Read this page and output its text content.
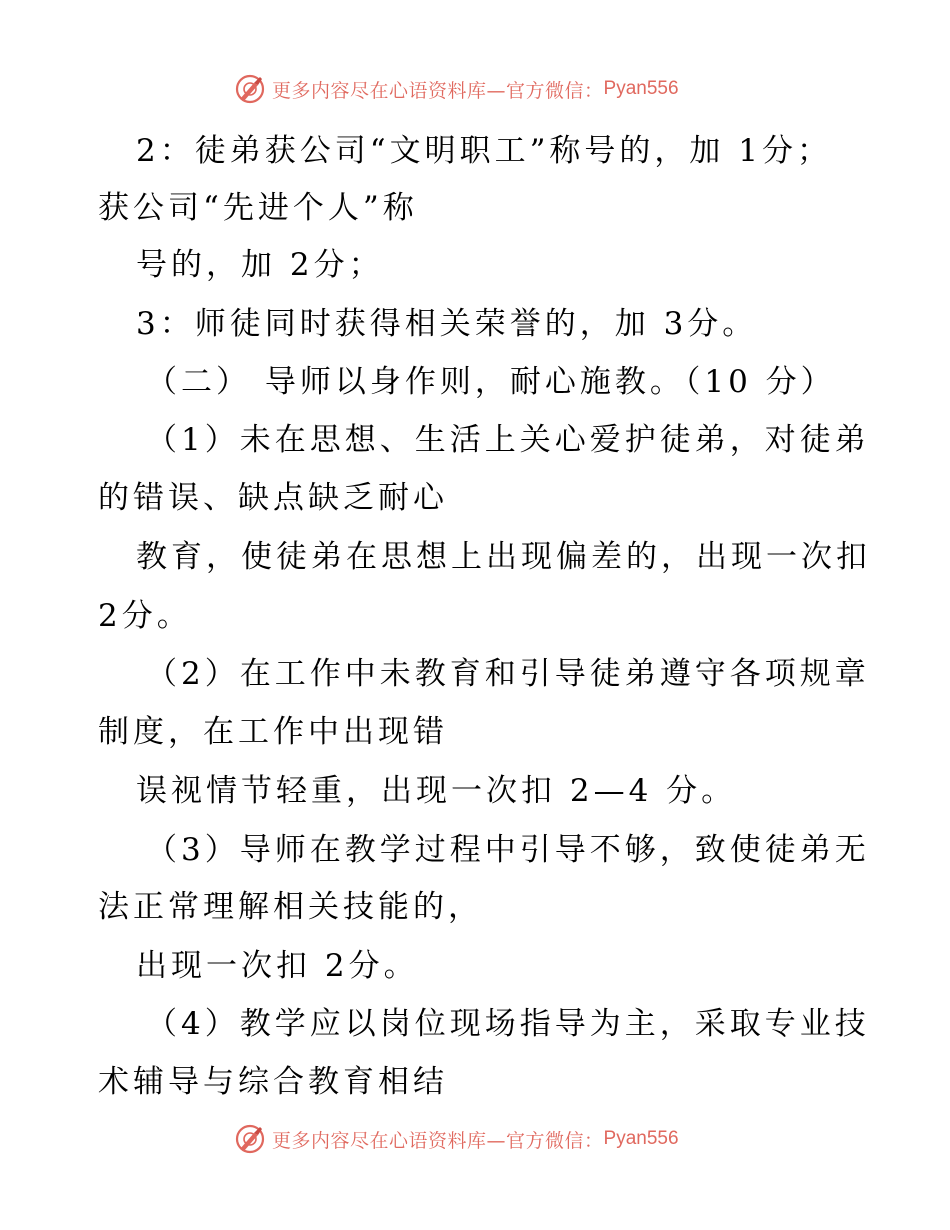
更多内容尽在心语资料库—官方微信： Pyan556
2：徒弟获公司“文明职工”称号的，加 1分；
获公司“先进个人”称
号的，加 2分；
3：师徒同时获得相关荣誉的，加 3分。
（二） 导师以身作则，耐心施教。（10 分）
（1）未在思想、生活上关心爱护徒弟，对徒弟
的错误、缺点缺乏耐心
教育，使徒弟在思想上出现偏差的，出现一次扣
2分。
（2）在工作中未教育和引导徒弟遵守各项规章
制度，在工作中出现错
误视情节轻重，出现一次扣 2—4 分。
（3）导师在教学过程中引导不够，致使徒弟无
法正常理解相关技能的，
出现一次扣 2分。
（4）教学应以岗位现场指导为主，采取专业技
术辅导与综合教育相结
更多内容尽在心语资料库—官方微信： Pyan556
